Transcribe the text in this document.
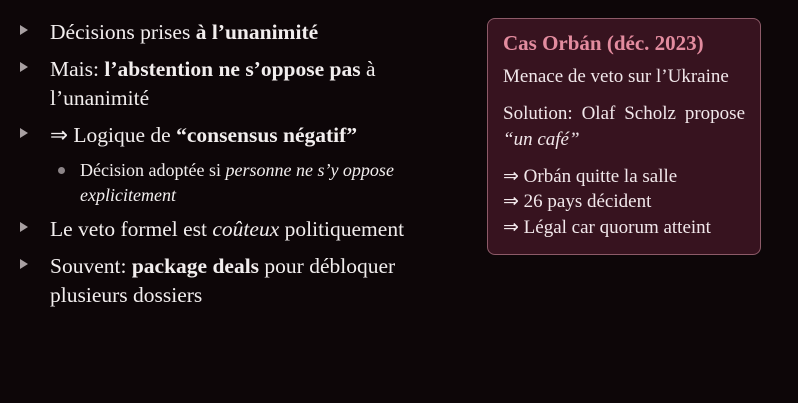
Décisions prises à l’unanimité
Mais: l’abstention ne s’oppose pas à l’unanimité
⇒ Logique de “consensus négatif”
Décision adoptée si personne ne s’y oppose explicitement
Le veto formel est coûteux politiquement
Souvent: package deals pour débloquer plusieurs dossiers
Cas Orbán (déc. 2023)
Menace de veto sur l’Ukraine
Solution: Olaf Scholz propose “un café”
⇒ Orbán quitte la salle
⇒ 26 pays décident
⇒ Légal car quorum atteint
